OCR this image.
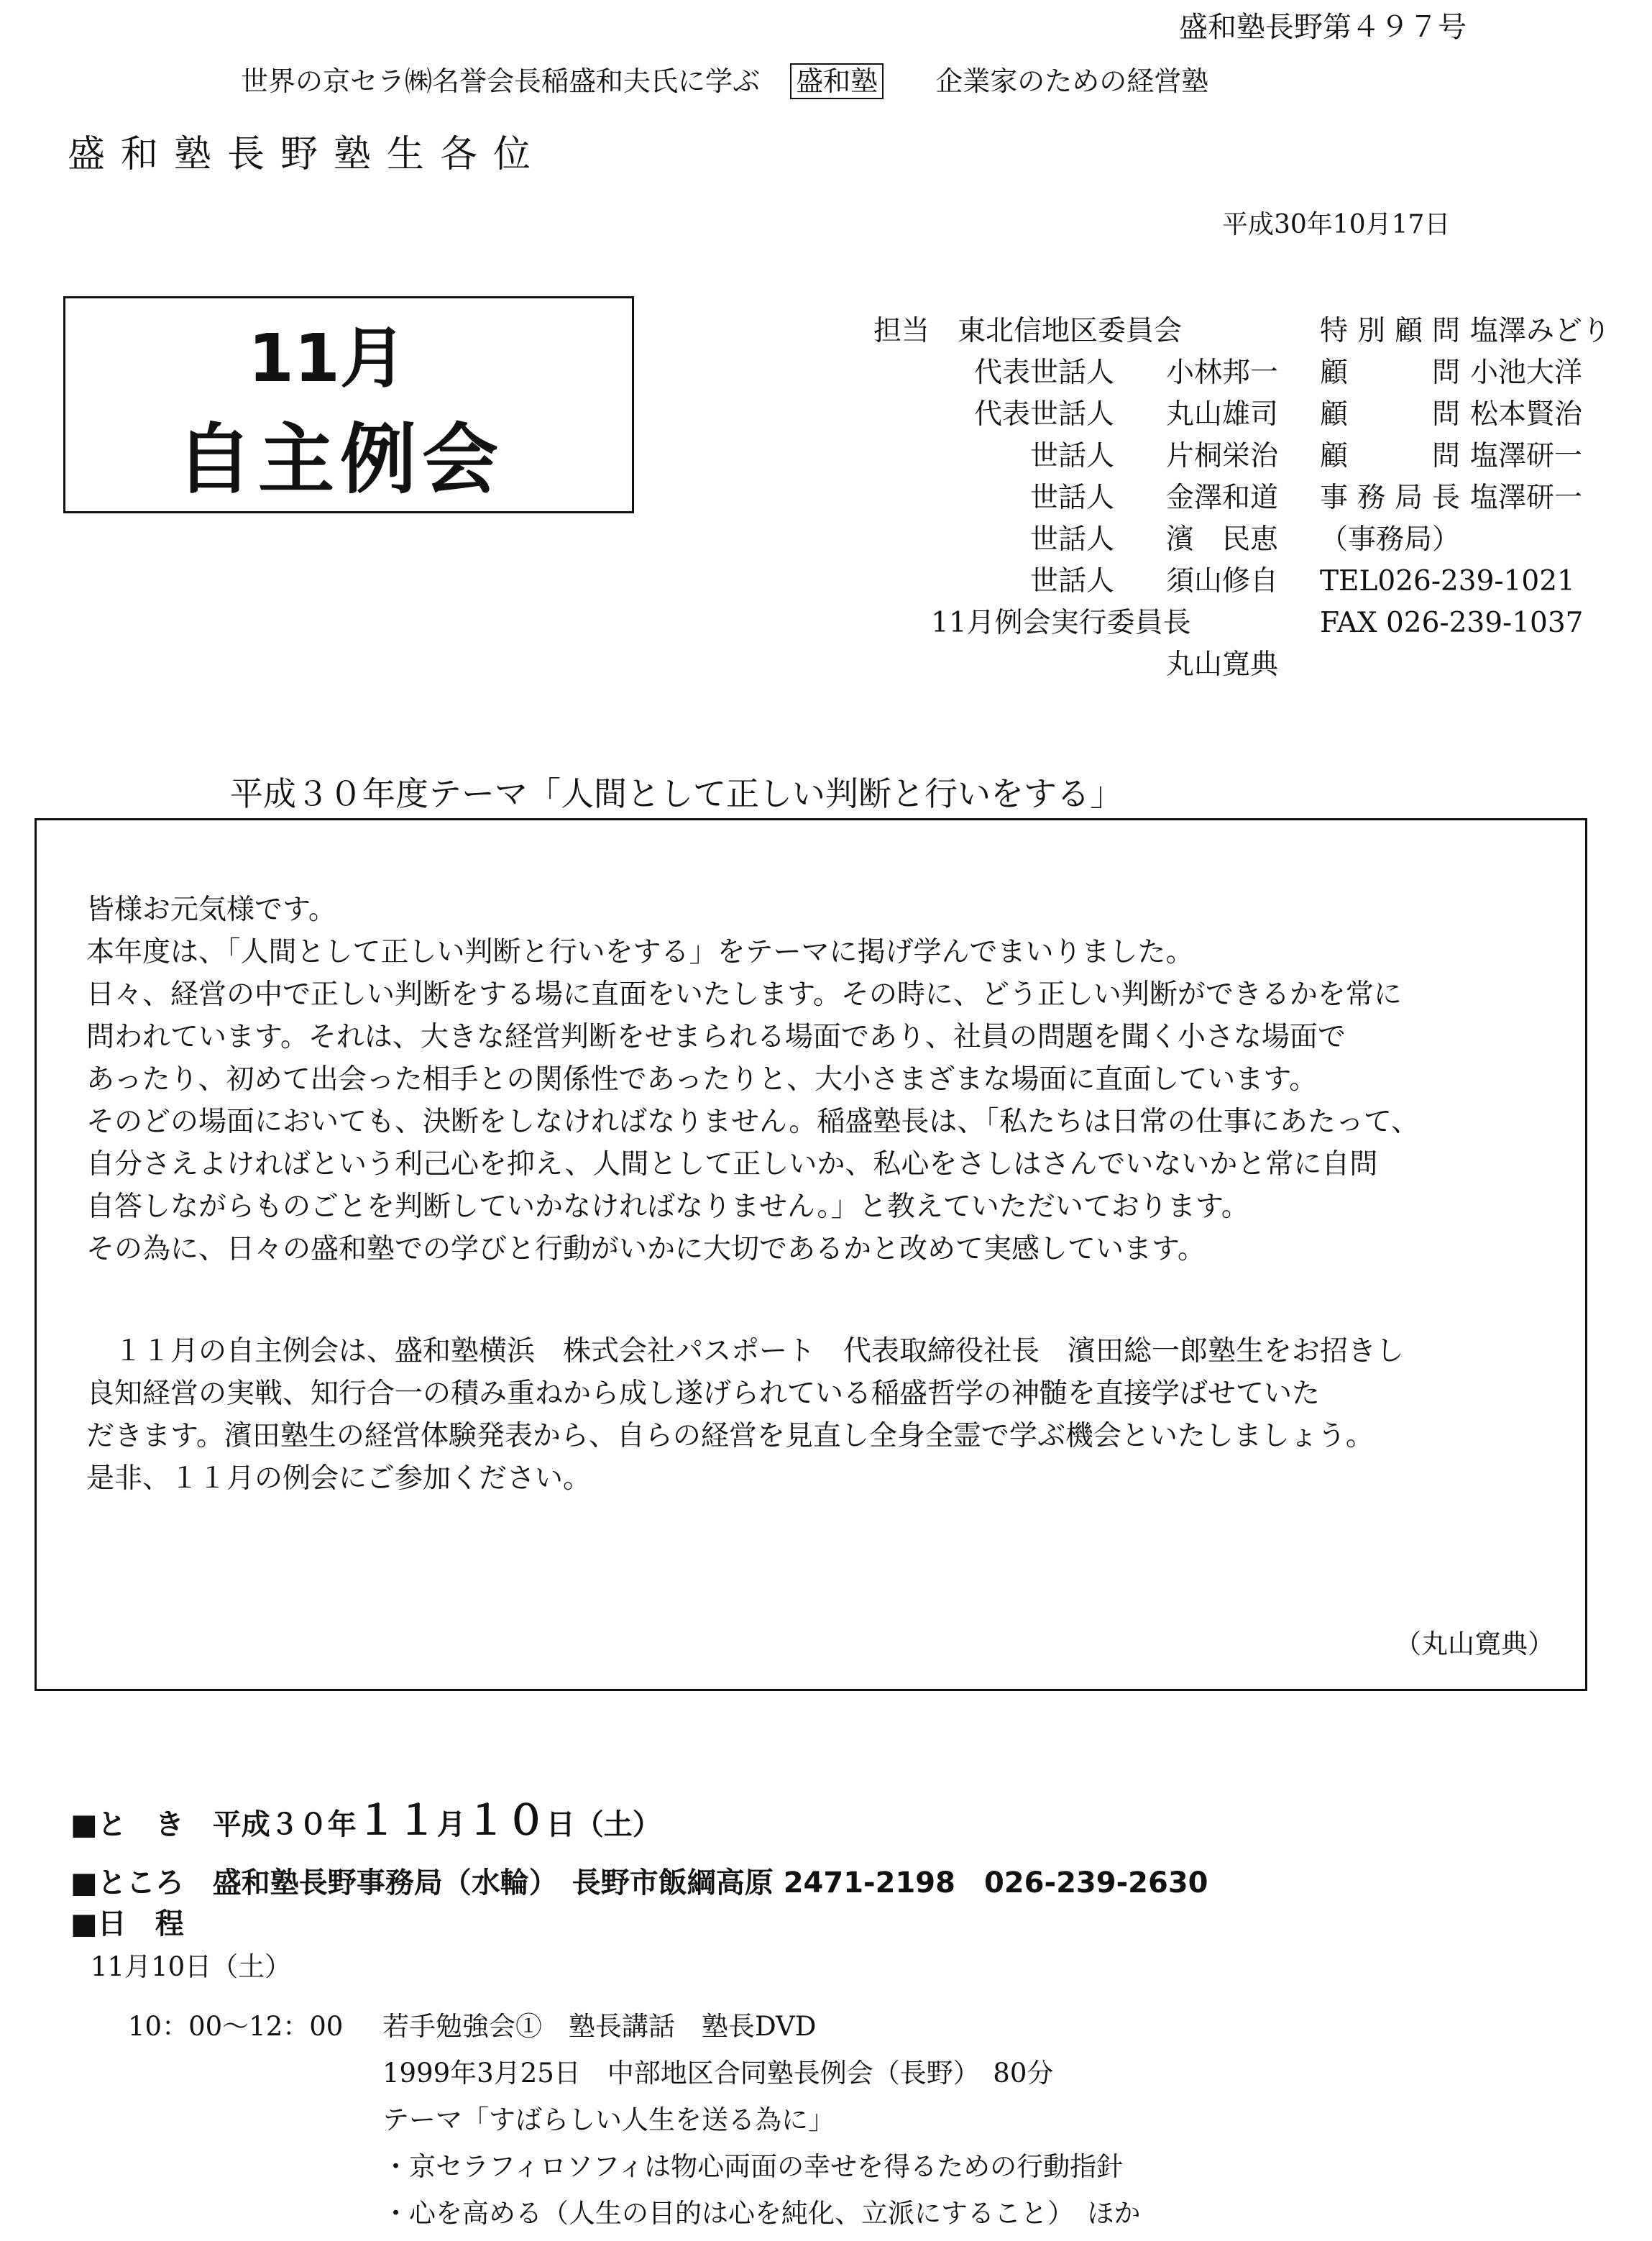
盛和塾長野第４９７号
世界の京セラ㈱名誉会長稲盛和夫氏に学ぶ 盛和塾 企業家のための経営塾
盛和塾長野塾生各位
平成30年10月17日
11月
自主例会
担当　東北信地区委員会
代表世話人 小林邦一
代表世話人 丸山雄司
世話人 片桐栄治
世話人 金澤和道
世話人 濱　民恵
世話人 須山修自
11月例会実行委員長
丸山寛典
特別顧問 塩澤みどり
顧問 小池大洋
顧問 松本賢治
顧問 塩澤研一
事務局長 塩澤研一
（事務局）
TEL026-239-1021
FAX 026-239-1037
平成３０年度テーマ「人間として正しい判断と行いをする」

皆様お元気様です。

本年度は、「人間として正しい判断と行いをする」をテーマに掲げ学んでまいりました。

日々、経営の中で正しい判断をする場に直面をいたします。その時に、どう正しい判断ができるかを常に

問われています。それは、大きな経営判断をせまられる場面であり、社員の問題を聞く小さな場面で

あったり、初めて出会った相手との関係性であったりと、大小さまざまな場面に直面しています。

そのどの場面においても、決断をしなければなりません。稲盛塾長は、「私たちは日常の仕事にあたって、

自分さえよければという利己心を抑え、人間として正しいか、私心をさしはさんでいないかと常に自問

自答しながらものごとを判断していかなければなりません。」と教えていただいております。

その為に、日々の盛和塾での学びと行動がいかに大切であるかと改めて実感しています。

　１１月の自主例会は、盛和塾横浜　株式会社パスポート　代表取締役社長　濱田総一郎塾生をお招きし

良知経営の実戦、知行合一の積み重ねから成し遂げられている稲盛哲学の神髄を直接学ばせていた

だきます。濱田塾生の経営体験発表から、自らの経営を見直し全身全霊で学ぶ機会といたしましょう。

是非、１１月の例会にご参加ください。

（丸山寛典）
■と　き　平成３０年１１月１０日（土）
■ところ　盛和塾長野事務局（水輪）　長野市飯綱高原 2471-2198　026-239-2630
■日　程
11月10日（土）
10：00～12：00 若手勉強会①　塾長講話　塾長DVD
1999年3月25日　中部地区合同塾長例会（長野）　80分
テーマ「すばらしい人生を送る為に」
・京セラフィロソフィは物心両面の幸せを得るための行動指針
・心を高める（人生の目的は心を純化、立派にすること）　ほか
